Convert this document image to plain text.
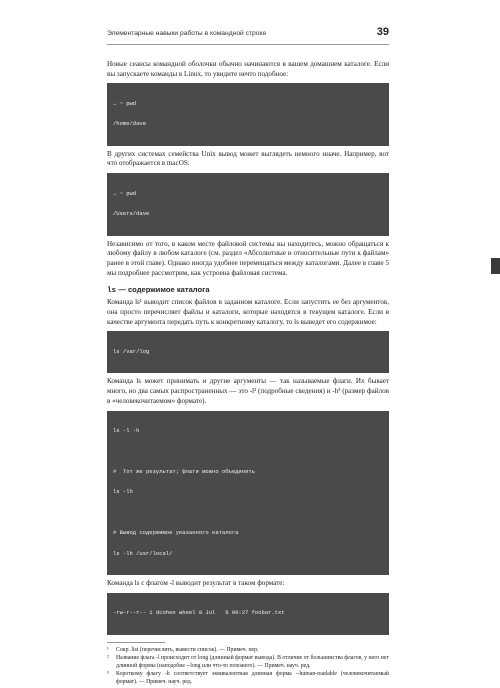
Элементарные навыки работы в командной строке	39

Новые сеансы командной оболочки обычно начинаются в вашем домашнем каталоге. Если вы запускаете команды в Linux, то увидите нечто подобное:

→ ~ pwd

/home/dave

В других системах семейства Unix вывод может выглядеть немного иначе. Например, вот что отображается в macOS:

→ ~ pwd

/Users/dave

Независимо от того, в каком месте файловой системы вы находитесь, можно обращаться к любому файлу в любом каталоге (см. раздел «Абсолютные и относительные пути к файлам» ранее в этой главе). Однако иногда удобнее перемещаться между каталогами. Далее в главе 5 мы подробнее рассмотрим, как устроена файловая система.

ls — содержимое каталога

Команда ls¹ выводит список файлов в заданном каталоге. Если запустить ее без аргументов, она просто перечисляет файлы и каталоги, которые находятся в текущем каталоге. Если в качестве аргумента передать путь к конкретному каталогу, то ls выведет его содержимое:

ls /var/log

Команда ls может принимать и другие аргументы — так называемые флаги. Их бывает много, но два самых распространенных — это -l² (подробные сведения) и -h³ (размер файлов в «человекочитаемом» формате).

ls -l -h

#  Тот же результат; флаги можно объединять

ls -lh

# Вывод содержимое указанного каталога

ls -lh /usr/local/

Команда ls с флагом -l выводит результат в таком формате:

-rw-r--r-- 1 dcohen wheel 0 Jul   5 09:27 foobar.txt

¹	Сокр. list (перечислить, вывести список). — Примеч. пер.
²	Название флага -l происходит от long (длинный формат вывода). В отличие от большинства флагов, у него нет длинной формы (наподобие --long или что-то похожего). — Примеч. науч. ред.
³	Короткому флагу -h соответствует эквивалентная длинная форма --human-readable (человекочитаемый формат). — Примеч. науч. ред.
